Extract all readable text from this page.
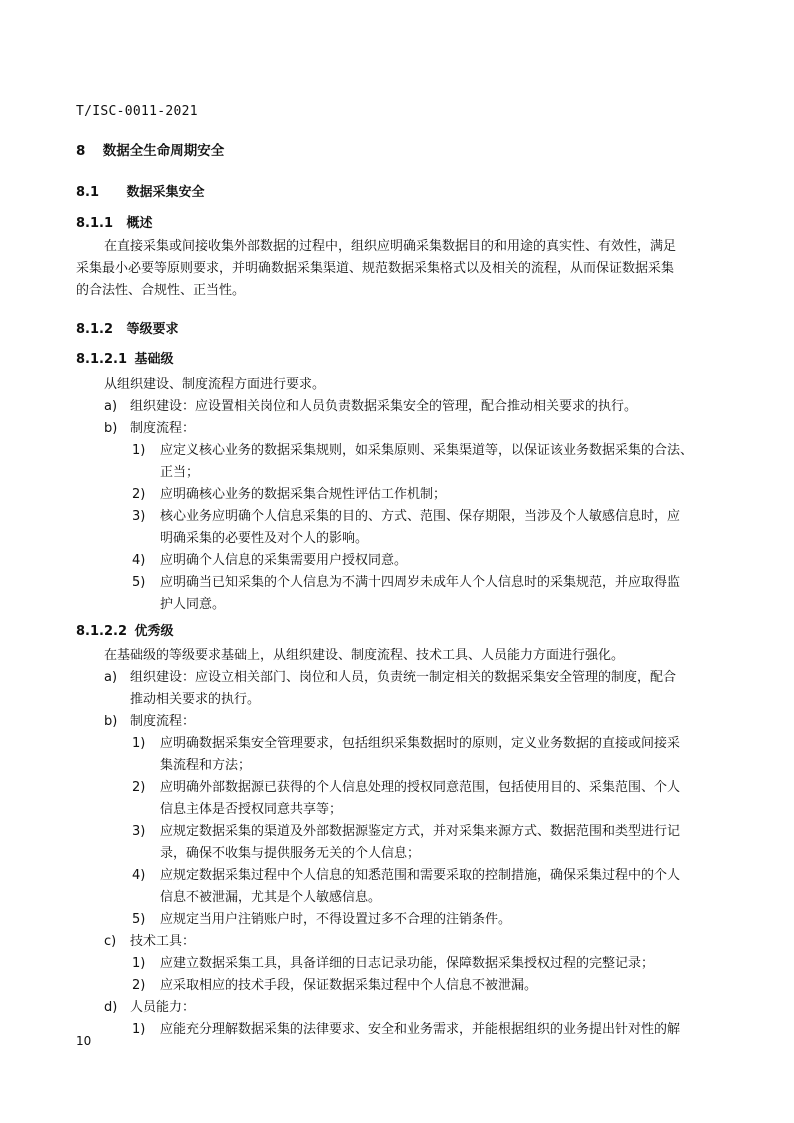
T/ISC-0011-2021
8 数据全生命周期安全
8.1 数据采集安全
8.1.1 概述
在直接采集或间接收集外部数据的过程中，组织应明确采集数据目的和用途的真实性、有效性，满足
采集最小必要等原则要求，并明确数据采集渠道、规范数据采集格式以及相关的流程，从而保证数据采集
的合法性、合规性、正当性。
8.1.2 等级要求
8.1.2.1 基础级
从组织建设、制度流程方面进行要求。
a) 组织建设：应设置相关岗位和人员负责数据采集安全的管理，配合推动相关要求的执行。
b) 制度流程：
1) 应定义核心业务的数据采集规则，如采集原则、采集渠道等，以保证该业务数据采集的合法、
正当；
2) 应明确核心业务的数据采集合规性评估工作机制；
3) 核心业务应明确个人信息采集的目的、方式、范围、保存期限，当涉及个人敏感信息时，应
明确采集的必要性及对个人的影响。
4) 应明确个人信息的采集需要用户授权同意。
5) 应明确当已知采集的个人信息为不满十四周岁未成年人个人信息时的采集规范，并应取得监
护人同意。
8.1.2.2 优秀级
在基础级的等级要求基础上，从组织建设、制度流程、技术工具、人员能力方面进行强化。
a) 组织建设：应设立相关部门、岗位和人员，负责统一制定相关的数据采集安全管理的制度，配合
推动相关要求的执行。
b) 制度流程：
1) 应明确数据采集安全管理要求，包括组织采集数据时的原则，定义业务数据的直接或间接采
集流程和方法；
2) 应明确外部数据源已获得的个人信息处理的授权同意范围，包括使用目的、采集范围、个人
信息主体是否授权同意共享等；
3) 应规定数据采集的渠道及外部数据源鉴定方式，并对采集来源方式、数据范围和类型进行记
录，确保不收集与提供服务无关的个人信息；
4) 应规定数据采集过程中个人信息的知悉范围和需要采取的控制措施，确保采集过程中的个人
信息不被泄漏，尤其是个人敏感信息。
5) 应规定当用户注销账户时，不得设置过多不合理的注销条件。
c) 技术工具：
1) 应建立数据采集工具，具备详细的日志记录功能，保障数据采集授权过程的完整记录；
2) 应采取相应的技术手段，保证数据采集过程中个人信息不被泄漏。
d) 人员能力：
1) 应能充分理解数据采集的法律要求、安全和业务需求，并能根据组织的业务提出针对性的解
10
